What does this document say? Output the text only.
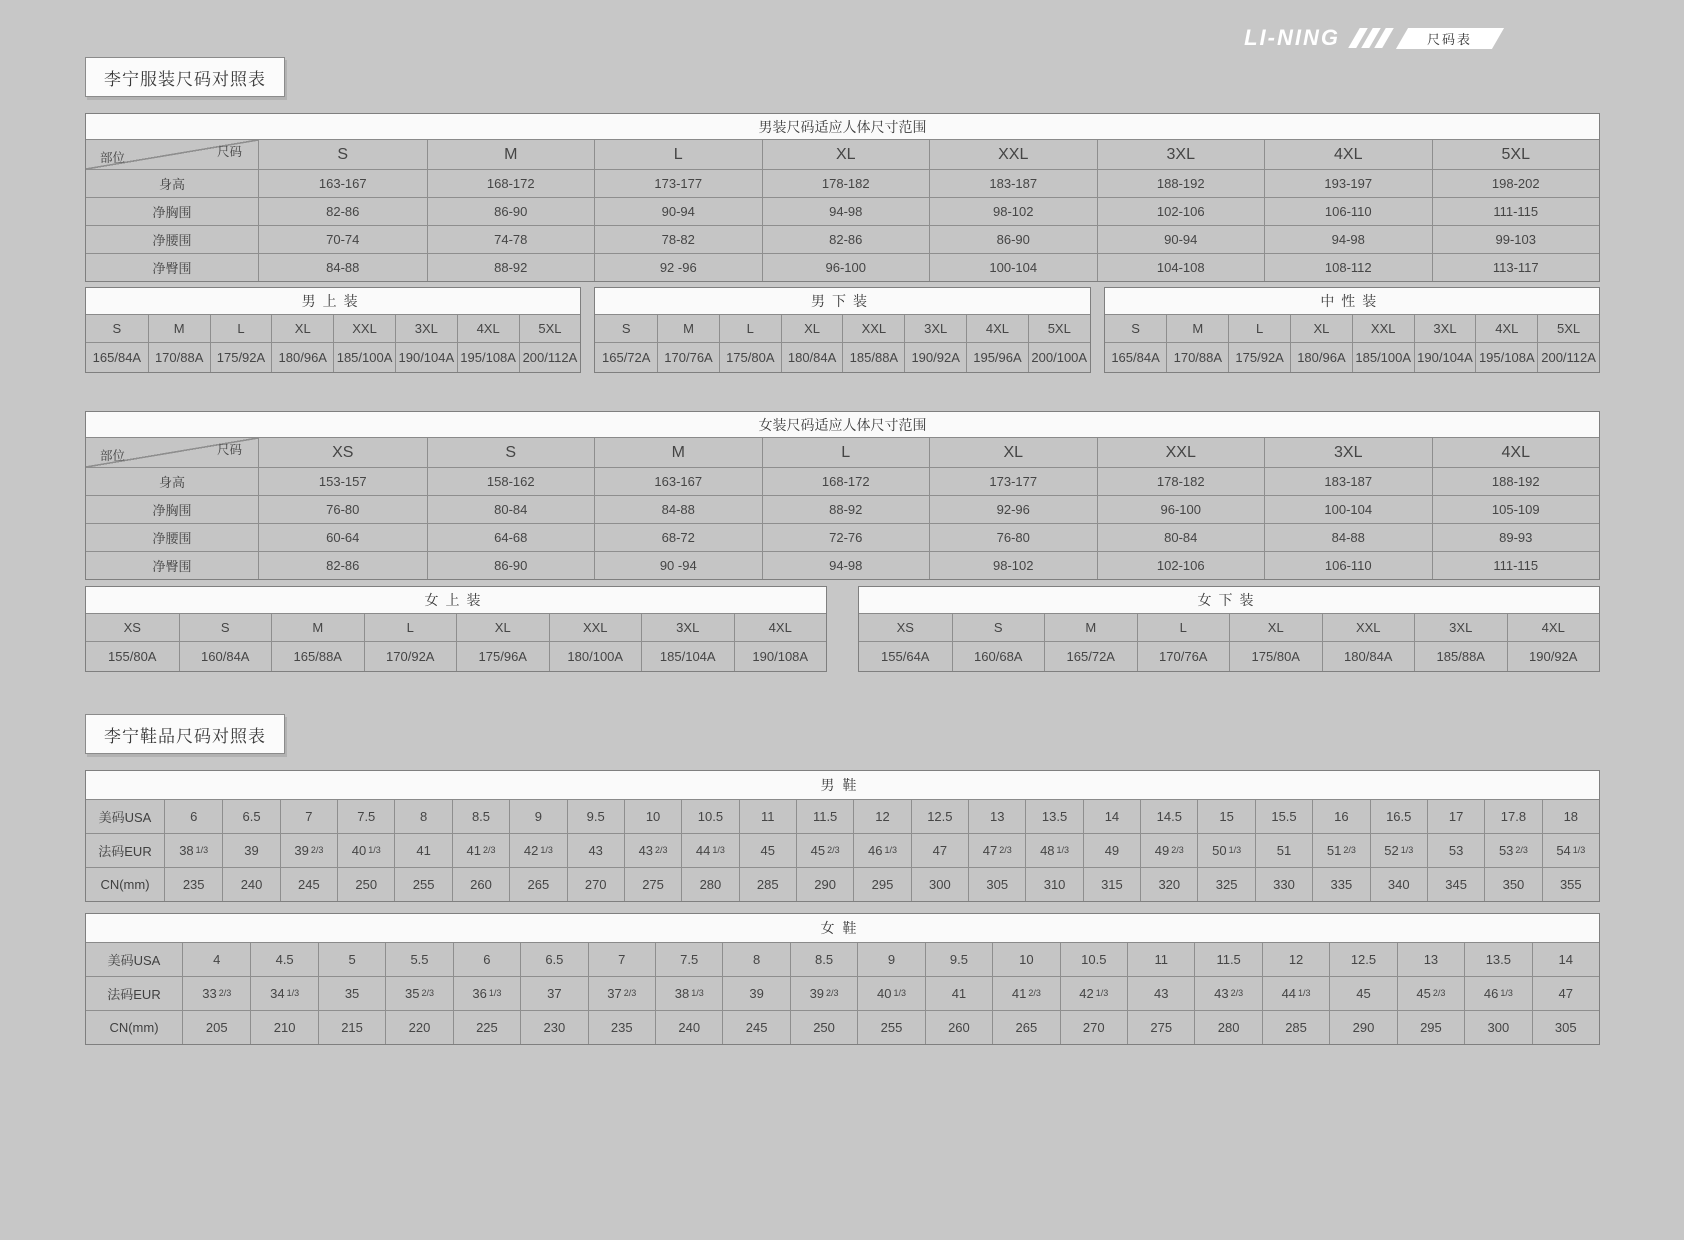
LI-NING	尺码表
李宁服装尺码对照表
男装尺码适应人体尺寸范围
尺码
部位	S	M	L	XL	XXL	3XL	4XL	5XL
身高	163-167	168-172	173-177	178-182	183-187	188-192	193-197	198-202
净胸围	82-86	86-90	90-94	94-98	98-102	102-106	106-110	111-115
净腰围	70-74	74-78	78-82	82-86	86-90	90-94	94-98	99-103
净臀围	84-88	88-92	92 -96	96-100	100-104	104-108	108-112	113-117
男上装
S	M	L	XL	XXL	3XL	4XL	5XL
165/84A	170/88A	175/92A	180/96A 185/100A 190/104A 195/108A 200/112A
男下装
S	M	L	XL	XXL	3XL	4XL	5XL
165/72A	170/76A	175/80A	180/84A	185/88A	190/92A	195/96A 200/100A
中性装
S	M	L	XL	XXL	3XL	4XL	5XL
165/84A	170/88A	175/92A	180/96A 185/100A 190/104A 195/108A 200/112A
女装尺码适应人体尺寸范围
尺码
部位	XS	S	M	L	XL	XXL	3XL	4XL
身高	153-157	158-162	163-167	168-172	173-177	178-182	183-187	188-192
净胸围	76-80	80-84	84-88	88-92	92-96	96-100	100-104	105-109
净腰围	60-64	64-68	68-72	72-76	76-80	80-84	84-88	89-93
净臀围	82-86	86-90	90 -94	94-98	98-102	102-106	106-110	111-115
女上装
XS	S	M	L	XL	XXL	3XL	4XL
155/80A	160/84A	165/88A	170/92A	175/96A	180/100A	185/104A	190/108A
女下装
XS	S	M	L	XL	XXL	3XL	4XL
155/64A	160/68A	165/72A	170/76A	175/80A	180/84A	185/88A	190/92A
李宁鞋品尺码对照表
男鞋
美码USA	6	6.5	7	7.5	8	8.5	9	9.5	10	10.5	11	11.5	12	12.5	13	13.5	14	14.5	15	15.5	16	16.5	17	17.8	18
法码EUR	38 1/3	39	39 2/3	40 1/3	41	41 2/3	42 1/3	43	43 2/3	44 1/3	45	45 2/3	46 1/3	47	47 2/3	48 1/3	49	49 2/3	50 1/3	51	51 2/3	52 1/3	53	53 2/3	54 1/3
CN(mm)	235	240	245	250	255	260	265	270	275	280	285	290	295	300	305	310	315	320	325	330	335	340	345	350	355
女鞋
美码USA	4	4.5	5	5.5	6	6.5	7	7.5	8	8.5	9	9.5	10	10.5	11	11.5	12	12.5	13	13.5	14
法码EUR	33 2/3	34 1/3	35	35 2/3	36 1/3	37	37 2/3	38 1/3	39	39 2/3	40 1/3	41	41 2/3	42 1/3	43	43 2/3	44 1/3	45	45 2/3	46 1/3	47
CN(mm)	205	210	215	220	225	230	235	240	245	250	255	260	265	270	275	280	285	290	295	300	305
